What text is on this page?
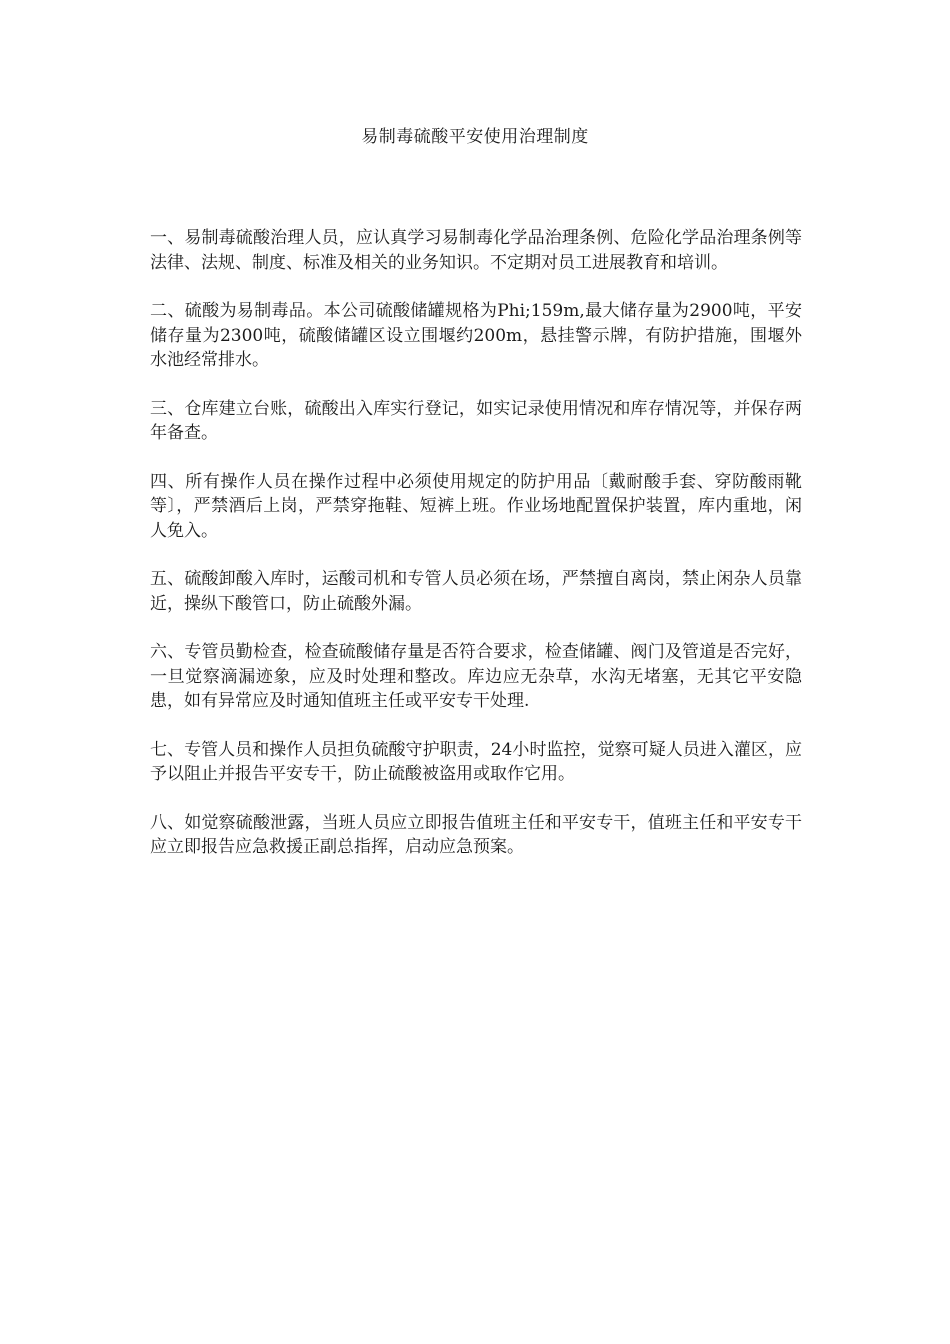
易制毒硫酸平安使用治理制度

一、易制毒硫酸治理人员，应认真学习易制毒化学品治理条例、危险化学品治理条例等法律、法规、制度、标准及相关的业务知识。不定期对员工进展教育和培训。

二、硫酸为易制毒品。本公司硫酸储罐规格为Phi;159m,最大储存量为2900吨，平安储存量为2300吨，硫酸储罐区设立围堰约200m，悬挂警示牌，有防护措施，围堰外水池经常排水。

三、仓库建立台账，硫酸出入库实行登记，如实记录使用情况和库存情况等，并保存两年备查。

四、所有操作人员在操作过程中必须使用规定的防护用品〔戴耐酸手套、穿防酸雨靴等〕，严禁酒后上岗，严禁穿拖鞋、短裤上班。作业场地配置保护装置，库内重地，闲人免入。

五、硫酸卸酸入库时，运酸司机和专管人员必须在场，严禁擅自离岗，禁止闲杂人员靠近，操纵下酸管口，防止硫酸外漏。

六、专管员勤检查，检查硫酸储存量是否符合要求，检查储罐、阀门及管道是否完好，一旦觉察滴漏迹象，应及时处理和整改。库边应无杂草，水沟无堵塞，无其它平安隐患，如有异常应及时通知值班主任或平安专干处理.

七、专管人员和操作人员担负硫酸守护职责，24小时监控，觉察可疑人员进入灌区，应予以阻止并报告平安专干，防止硫酸被盗用或取作它用。

八、如觉察硫酸泄露，当班人员应立即报告值班主任和平安专干，值班主任和平安专干应立即报告应急救援正副总指挥，启动应急预案。
